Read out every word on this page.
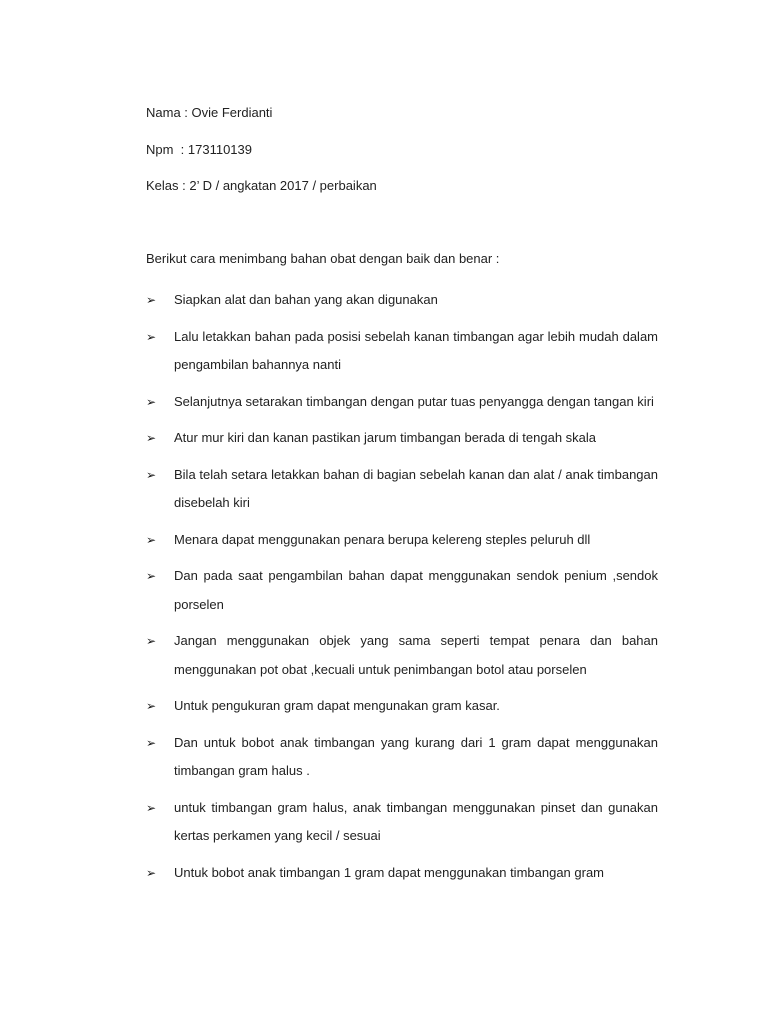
Nama : Ovie Ferdianti
Npm  : 173110139
Kelas : 2’ D / angkatan 2017 / perbaikan
Berikut cara menimbang bahan obat dengan baik dan benar :
➢	Siapkan alat dan bahan yang akan digunakan
➢	Lalu letakkan bahan pada posisi sebelah kanan timbangan agar lebih mudah dalam pengambilan bahannya nanti
➢	Selanjutnya setarakan timbangan dengan putar tuas penyangga dengan tangan kiri
➢	Atur mur kiri dan kanan pastikan jarum timbangan berada di tengah skala
➢	Bila telah setara letakkan bahan di bagian sebelah kanan dan alat / anak timbangan disebelah kiri
➢	Menara dapat menggunakan penara berupa kelereng steples peluruh dll
➢	Dan pada saat pengambilan bahan dapat menggunakan sendok penium ,sendok porselen
➢	Jangan menggunakan objek yang sama seperti tempat penara dan bahan menggunakan pot obat ,kecuali untuk penimbangan botol atau porselen
➢	Untuk pengukuran gram dapat mengunakan gram kasar.
➢	Dan untuk bobot anak timbangan yang kurang dari 1 gram dapat menggunakan timbangan gram halus .
➢	untuk timbangan gram halus, anak timbangan menggunakan pinset dan gunakan kertas perkamen yang kecil / sesuai
➢	Untuk bobot anak timbangan 1 gram dapat menggunakan timbangan gram
